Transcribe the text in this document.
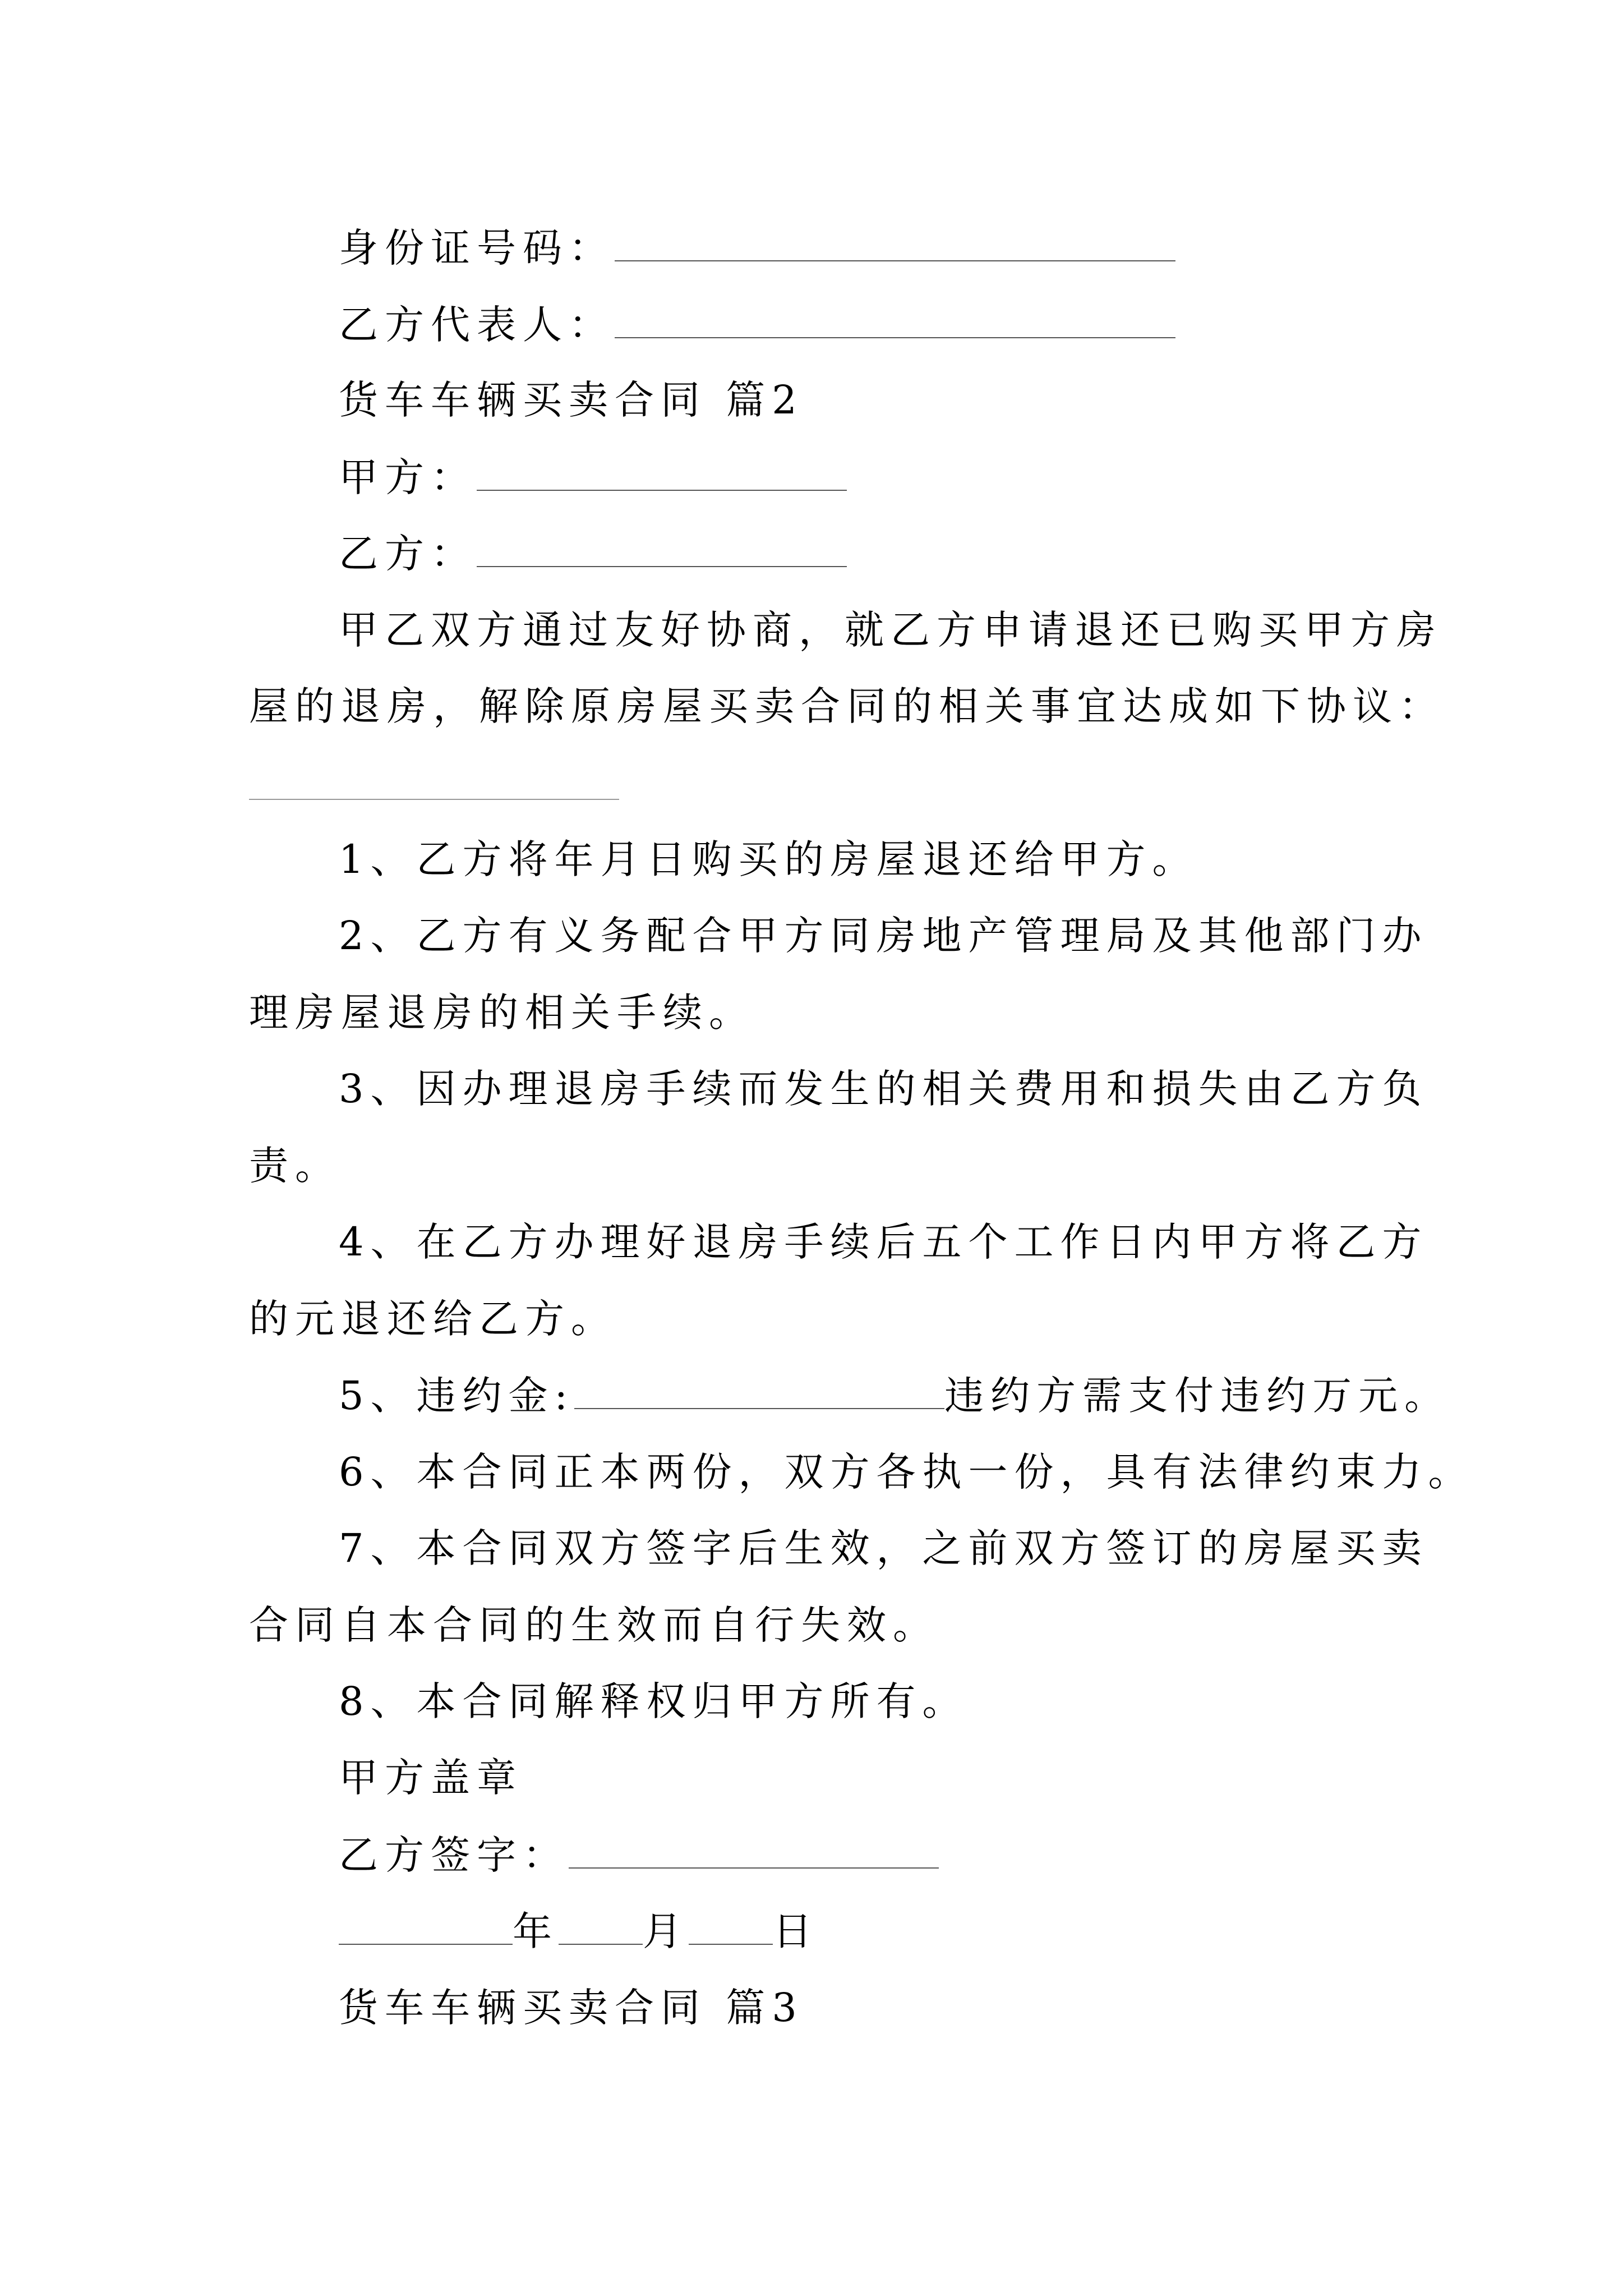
身份证号码：
乙方代表人：
货车车辆买卖合同 篇2
甲方：
乙方：
甲乙双方通过友好协商，就乙方申请退还已购买甲方房
屋的退房，解除原房屋买卖合同的相关事宜达成如下协议：
1、乙方将年月日购买的房屋退还给甲方。
2、乙方有义务配合甲方同房地产管理局及其他部门办
理房屋退房的相关手续。
3、因办理退房手续而发生的相关费用和损失由乙方负
责。
4、在乙方办理好退房手续后五个工作日内甲方将乙方
的元退还给乙方。
5、违约金:	违约方需支付违约万元。
6、本合同正本两份，双方各执一份，具有法律约束力。
7、本合同双方签字后生效，之前双方签订的房屋买卖
合同自本合同的生效而自行失效。
8、本合同解释权归甲方所有。
甲方盖章
乙方签字：
年 月 日
货车车辆买卖合同 篇3
